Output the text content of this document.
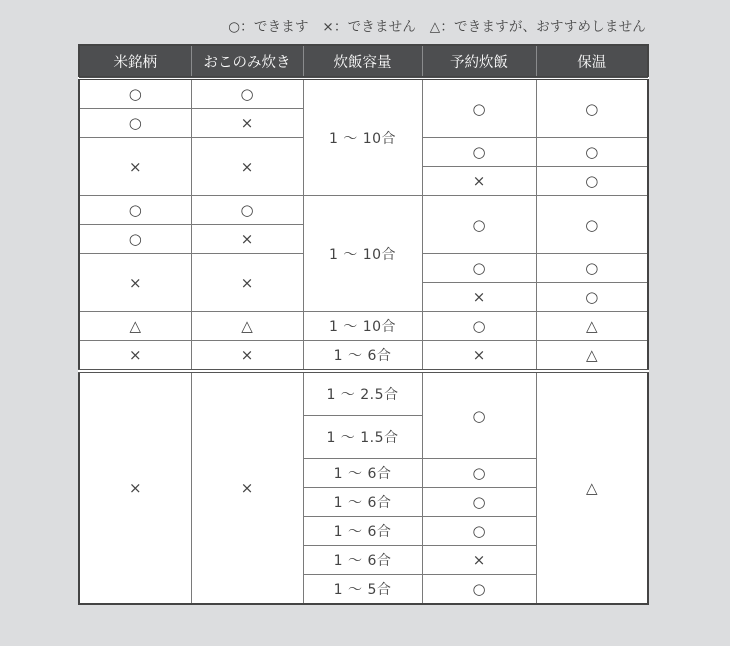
○：できます　×：できません　△：できますが、おすすめしません
米銘柄	おこのみ炊き	炊飯容量	予約炊飯	保温
○	○	1 ～ 10合	○	○
○	×			
×	×		○	○
			×	○
○	○	1 ～ 10合	○	○
○	×			
×	×		○	○
			×	○
△	△	1 ～ 10合	○	△
×	×	1 ～ 6合	×	△
×	×	1 ～ 2.5合	○	△
		1 ～ 1.5合		
		1 ～ 6合	○	
		1 ～ 6合	○	
		1 ～ 6合	○	
		1 ～ 6合	×	
		1 ～ 5合	○	
